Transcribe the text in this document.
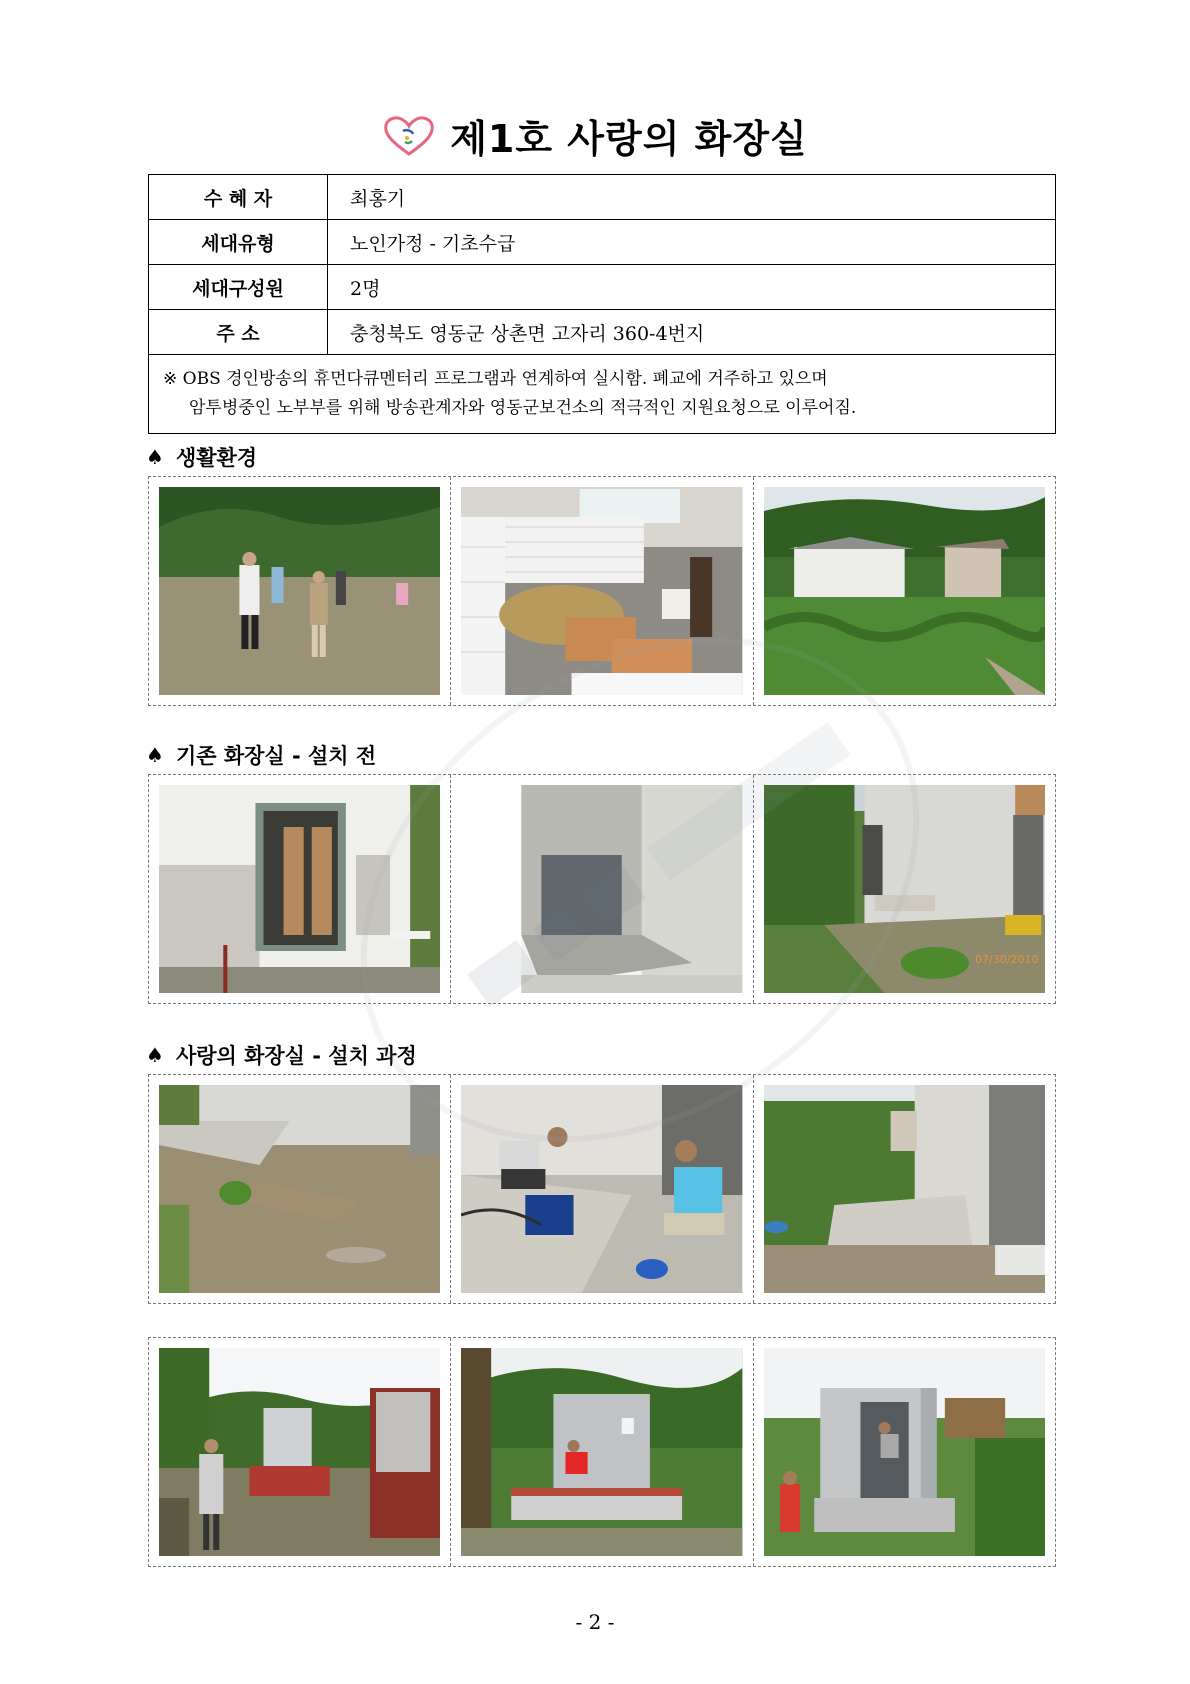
제1호 사랑의 화장실
수 혜 자	최홍기
세대유형	노인가정 - 기초수급
세대구성원	2명
주 소	충청북도 영동군 상촌면 고자리 360-4번지

※ OBS 경인방송의 휴먼다큐멘터리 프로그램과 연계하여 실시함. 폐교에 거주하고 있으며
암투병중인 노부부를 위해 방송관계자와 영동군보건소의 적극적인 지원요청으로 이루어짐.	
♠ 생활환경
♠ 기존 화장실 - 설치 전
07/30/2010
♠ 사랑의 화장실 - 설치 과정
- 2 -
